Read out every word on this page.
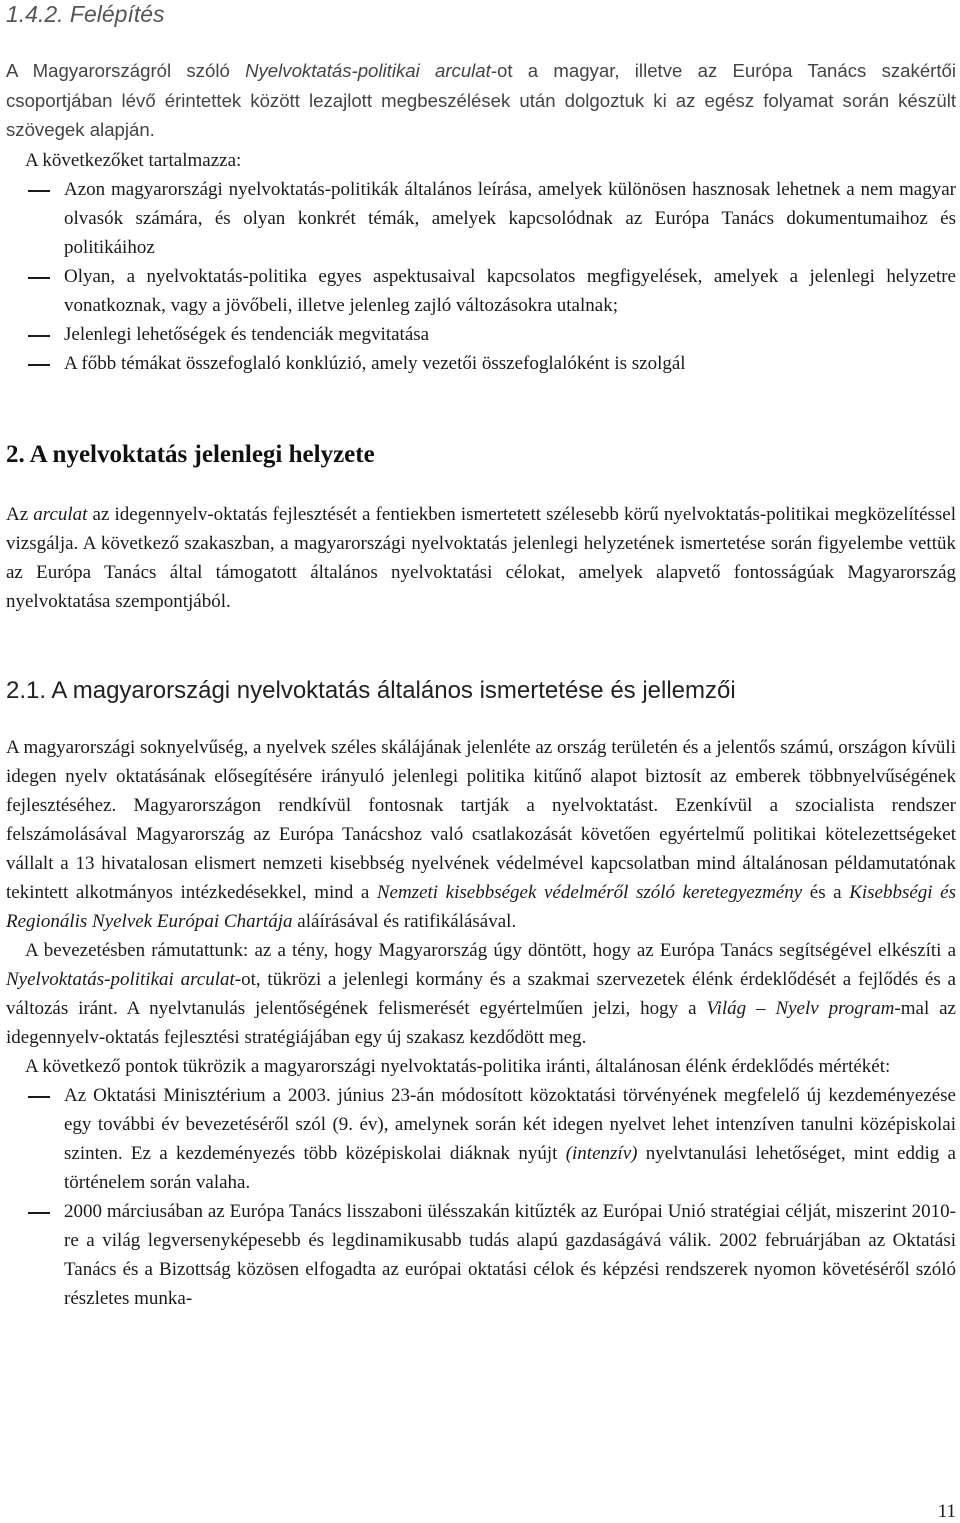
1.4.2. Felépítés

A Magyarországról szóló Nyelvoktatás-politikai arculat-ot a magyar, illetve az Európa Tanács szakértői csoportjában lévő érintettek között lezajlott megbeszélések után dolgoztuk ki az egész folyamat során készült szövegek alapján.

A következőket tartalmazza:

Azon magyarországi nyelvoktatás-politikák általános leírása, amelyek különösen hasznosak lehetnek a nem magyar olvasók számára, és olyan konkrét témák, amelyek kapcsolódnak az Európa Tanács dokumentumaihoz és politikáihoz
Olyan, a nyelvoktatás-politika egyes aspektusaival kapcsolatos megfigyelések, amelyek a jelenlegi helyzetre vonatkoznak, vagy a jövőbeli, illetve jelenleg zajló változásokra utalnak;
Jelenlegi lehetőségek és tendenciák megvitatása
A főbb témákat összefoglaló konklúzió, amely vezetői összefoglalóként is szolgál
2. A nyelvoktatás jelenlegi helyzete

Az arculat az idegennyelv-oktatás fejlesztését a fentiekben ismertetett szélesebb körű nyelvoktatás-politikai megközelítéssel vizsgálja. A következő szakaszban, a magyarországi nyelvoktatás jelenlegi helyzetének ismertetése során figyelembe vettük az Európa Tanács által támogatott általános nyelvoktatási célokat, amelyek alapvető fontosságúak Magyarország nyelvoktatása szempontjából.

2.1. A magyarországi nyelvoktatás általános ismertetése és jellemzői

A magyarországi soknyelvűség, a nyelvek széles skálájának jelenléte az ország területén és a jelentős számú, országon kívüli idegen nyelv oktatásának elősegítésére irányuló jelenlegi politika kitűnő alapot biztosít az emberek többnyelvűségének fejlesztéséhez. Magyarországon rendkívül fontosnak tartják a nyelvoktatást. Ezenkívül a szocialista rendszer felszámolásával Magyarország az Európa Tanácshoz való csatlakozását követően egyértelmű politikai kötelezettségeket vállalt a 13 hivatalosan elismert nemzeti kisebbség nyelvének védelmével kapcsolatban mind általánosan példamutatónak tekintett alkotmányos intézkedésekkel, mind a Nemzeti kisebbségek védelméről szóló keretegyezmény és a Kisebbségi és Regionális Nyelvek Európai Chartája aláírásával és ratifikálásával.

A bevezetésben rámutattunk: az a tény, hogy Magyarország úgy döntött, hogy az Európa Tanács segítségével elkészíti a Nyelvoktatás-politikai arculat-ot, tükrözi a jelenlegi kormány és a szakmai szervezetek élénk érdeklődését a fejlődés és a változás iránt. A nyelvtanulás jelentőségének felismerését egyértelműen jelzi, hogy a Világ – Nyelv program-mal az idegennyelv-oktatás fejlesztési stratégiájában egy új szakasz kezdődött meg.

A következő pontok tükrözik a magyarországi nyelvoktatás-politika iránti, általánosan élénk érdeklődés mértékét:

Az Oktatási Minisztérium a 2003. június 23-án módosított közoktatási törvényének megfelelő új kezdeményezése egy további év bevezetéséről szól (9. év), amelynek során két idegen nyelvet lehet intenzíven tanulni középiskolai szinten. Ez a kezdeményezés több középiskolai diáknak nyújt (intenzív) nyelvtanulási lehetőséget, mint eddig a történelem során valaha.
2000 márciusában az Európa Tanács lisszaboni ülésszakán kitűzték az Európai Unió stratégiai célját, miszerint 2010-re a világ legversenyképesebb és legdinamikusabb tudás alapú gazdaságává válik. 2002 februárjában az Oktatási Tanács és a Bizottság közösen elfogadta az európai oktatási célok és képzési rendszerek nyomon követéséről szóló részletes munka-
11
